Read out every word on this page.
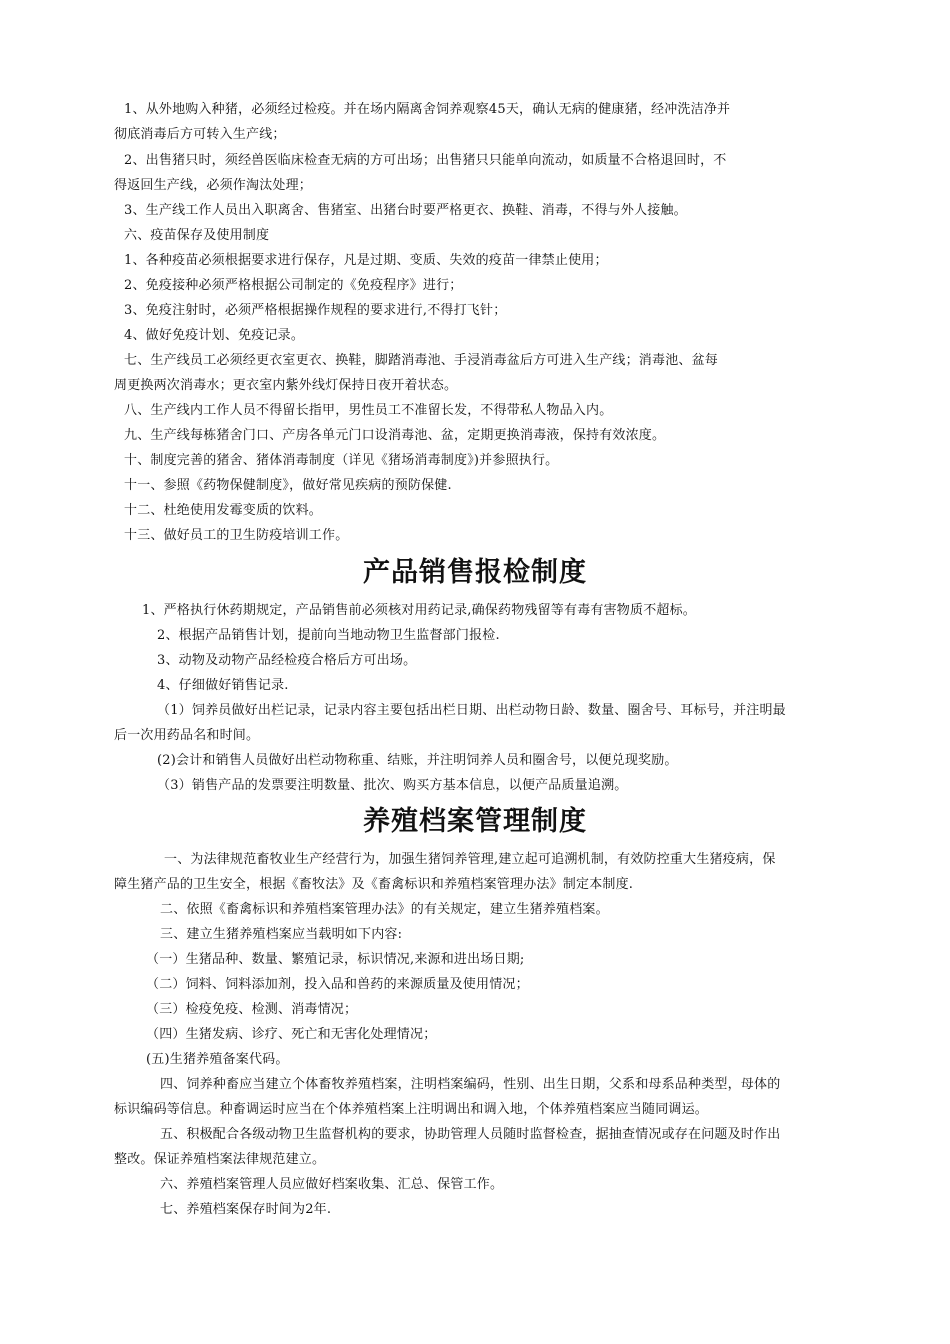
1、从外地购入种猪，必须经过检疫。并在场内隔离舍饲养观察45天，确认无病的健康猪，经冲洗洁净并
彻底消毒后方可转入生产线；
2、出售猪只时，须经兽医临床检查无病的方可出场；出售猪只只能单向流动，如质量不合格退回时，不
得返回生产线，必须作淘汰处理；
3、生产线工作人员出入职离舍、售猪室、出猪台时要严格更衣、换鞋、消毒，不得与外人接触。
六、疫苗保存及使用制度
1、各种疫苗必须根据要求进行保存，凡是过期、变质、失效的疫苗一律禁止使用；
2、免疫接种必须严格根据公司制定的《免疫程序》进行；
3、免疫注射时，必须严格根据操作规程的要求进行,不得打飞针；
4、做好免疫计划、免疫记录。
七、生产线员工必须经更衣室更衣、换鞋，脚踏消毒池、手浸消毒盆后方可进入生产线；消毒池、盆每
周更换两次消毒水；更衣室内紫外线灯保持日夜开着状态。
八、生产线内工作人员不得留长指甲，男性员工不准留长发，不得带私人物品入内。
九、生产线每栋猪舍门口、产房各单元门口设消毒池、盆，定期更换消毒液，保持有效浓度。
十、制度完善的猪舍、猪体消毒制度（详见《猪场消毒制度》)并参照执行。
十一、参照《药物保健制度》，做好常见疾病的预防保健.
十二、杜绝使用发霉变质的饮料。
十三、做好员工的卫生防疫培训工作。
产品销售报检制度
1、严格执行休药期规定，产品销售前必须核对用药记录,确保药物残留等有毒有害物质不超标。
2、根据产品销售计划，提前向当地动物卫生监督部门报检.
3、动物及动物产品经检疫合格后方可出场。
4、仔细做好销售记录.
（1）饲养员做好出栏记录，记录内容主要包括出栏日期、出栏动物日龄、数量、圈舍号、耳标号，并注明最
后一次用药品名和时间。
(2)会计和销售人员做好出栏动物称重、结账，并注明饲养人员和圈舍号，以便兑现奖励。
（3）销售产品的发票要注明数量、批次、购买方基本信息，以便产品质量追溯。
养殖档案管理制度
一、为法律规范畜牧业生产经营行为，加强生猪饲养管理,建立起可追溯机制，有效防控重大生猪疫病，保
障生猪产品的卫生安全，根据《畜牧法》及《畜禽标识和养殖档案管理办法》制定本制度.
二、依照《畜禽标识和养殖档案管理办法》的有关规定，建立生猪养殖档案。
三、建立生猪养殖档案应当载明如下内容:
（一）生猪品种、数量、繁殖记录，标识情况,来源和进出场日期;
（二）饲料、饲料添加剂，投入品和兽药的来源质量及使用情况；
（三）检疫免疫、检测、消毒情况；
（四）生猪发病、诊疗、死亡和无害化处理情况；
(五)生猪养殖备案代码。
四、饲养种畜应当建立个体畜牧养殖档案，注明档案编码，性别、出生日期，父系和母系品种类型，母体的
标识编码等信息。种畜调运时应当在个体养殖档案上注明调出和调入地，个体养殖档案应当随同调运。
五、积极配合各级动物卫生监督机构的要求，协助管理人员随时监督检查，据抽查情况或存在问题及时作出
整改。保证养殖档案法律规范建立。
六、养殖档案管理人员应做好档案收集、汇总、保管工作。
七、养殖档案保存时间为2年.
